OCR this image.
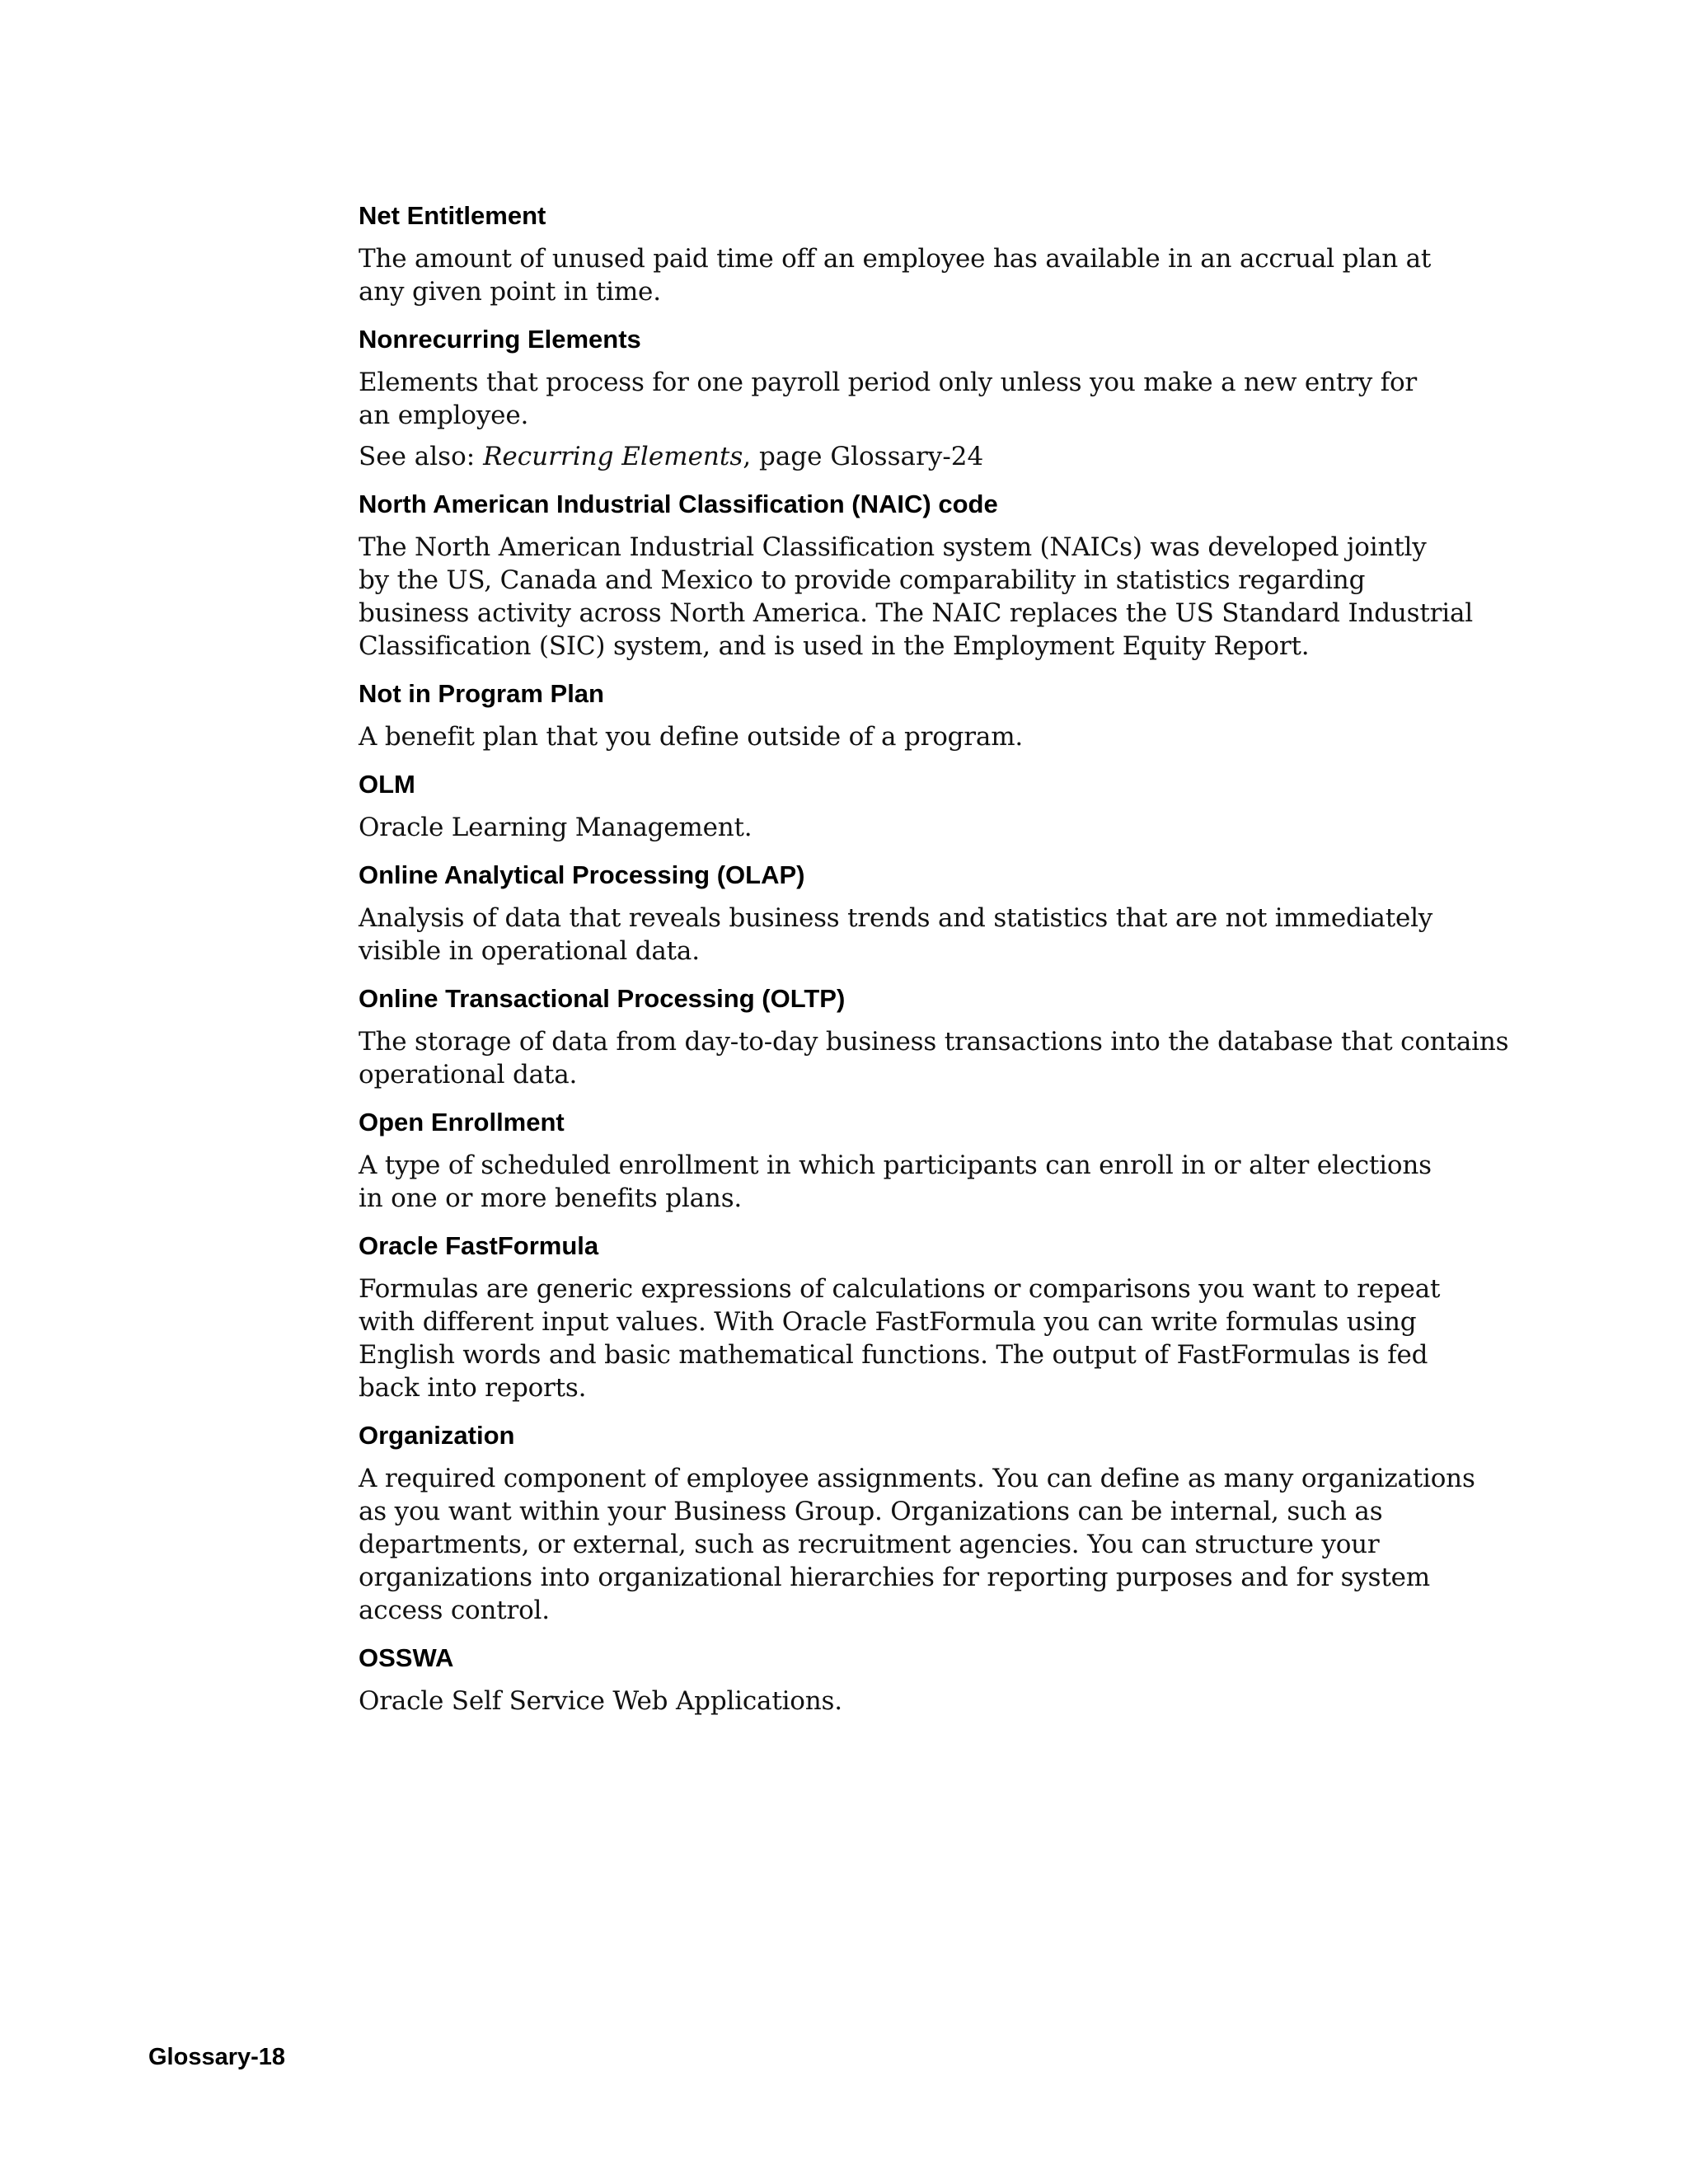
Net Entitlement
The amount of unused paid time off an employee has available in an accrual plan at
any given point in time.
Nonrecurring Elements
Elements that process for one payroll period only unless you make a new entry for
an employee.
See also: Recurring Elements, page Glossary-24
North American Industrial Classification (NAIC) code
The North American Industrial Classification system (NAICs) was developed jointly
by the US, Canada and Mexico to provide comparability in statistics regarding
business activity across North America. The NAIC replaces the US Standard Industrial
Classification (SIC) system, and is used in the Employment Equity Report.
Not in Program Plan
A benefit plan that you define outside of a program.
OLM
Oracle Learning Management.
Online Analytical Processing (OLAP)
Analysis of data that reveals business trends and statistics that are not immediately
visible in operational data.
Online Transactional Processing (OLTP)
The storage of data from day-to-day business transactions into the database that contains
operational data.
Open Enrollment
A type of scheduled enrollment in which participants can enroll in or alter elections
in one or more benefits plans.
Oracle FastFormula
Formulas are generic expressions of calculations or comparisons you want to repeat
with different input values. With Oracle FastFormula you can write formulas using
English words and basic mathematical functions. The output of FastFormulas is fed
back into reports.
Organization
A required component of employee assignments. You can define as many organizations
as you want within your Business Group. Organizations can be internal, such as
departments, or external, such as recruitment agencies. You can structure your
organizations into organizational hierarchies for reporting purposes and for system
access control.
OSSWA
Oracle Self Service Web Applications.
Glossary-18
